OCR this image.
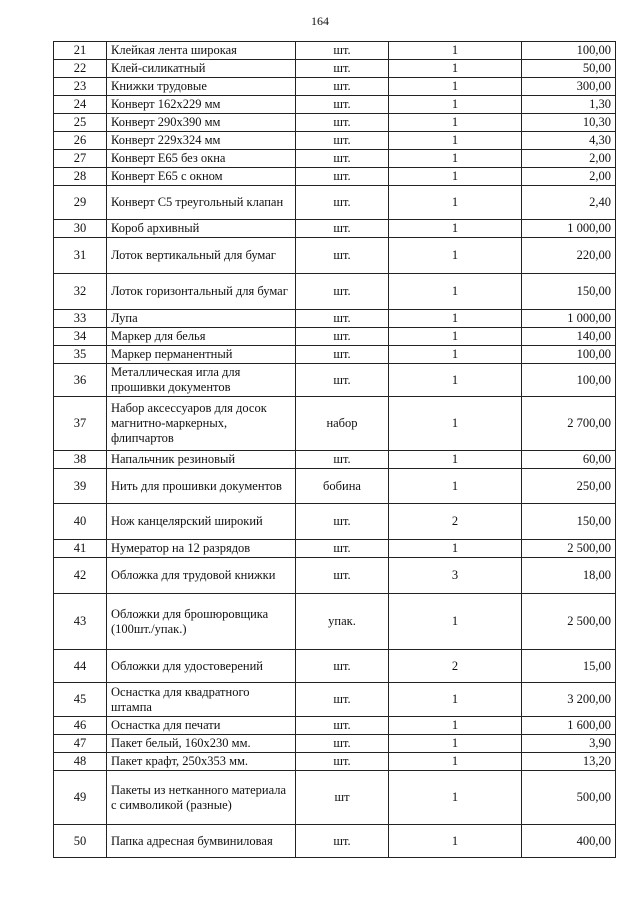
164
21	Клейкая лента широкая	шт.	1	100,00
22	Клей-силикатный	шт.	1	50,00
23	Книжки трудовые	шт.	1	300,00
24	Конверт 162х229 мм	шт.	1	1,30
25	Конверт 290х390 мм	шт.	1	10,30
26	Конверт 229х324 мм	шт.	1	4,30
27	Конверт Е65 без окна	шт.	1	2,00
28	Конверт Е65 с окном	шт.	1	2,00
29	Конверт С5 треугольный клапан	шт.	1	2,40
30	Короб архивный	шт.	1	1 000,00
31	Лоток вертикальный для бумаг	шт.	1	220,00
32	Лоток горизонтальный для бумаг	шт.	1	150,00
33	Лупа	шт.	1	1 000,00
34	Маркер для белья	шт.	1	140,00
35	Маркер перманентный	шт.	1	100,00
36	Металлическая игла для прошивки документов	шт.	1	100,00
37	Набор аксессуаров для досок магнитно-маркерных, флипчартов	набор	1	2 700,00
38	Напальчник резиновый	шт.	1	60,00
39	Нить для прошивки документов	бобина	1	250,00
40	Нож канцелярский широкий	шт.	2	150,00
41	Нумератор на 12 разрядов	шт.	1	2 500,00
42	Обложка для трудовой книжки	шт.	3	18,00
43	Обложки для брошюровщика (100шт./упак.)	упак.	1	2 500,00
44	Обложки для удостоверений	шт.	2	15,00
45	Оснастка для квадратного штампа	шт.	1	3 200,00
46	Оснастка для печати	шт.	1	1 600,00
47	Пакет белый, 160х230 мм.	шт.	1	3,90
48	Пакет крафт, 250х353 мм.	шт.	1	13,20
49	Пакеты из нетканного материала с символикой (разные)	шт	1	500,00
50	Папка адресная бумвиниловая	шт.	1	400,00
